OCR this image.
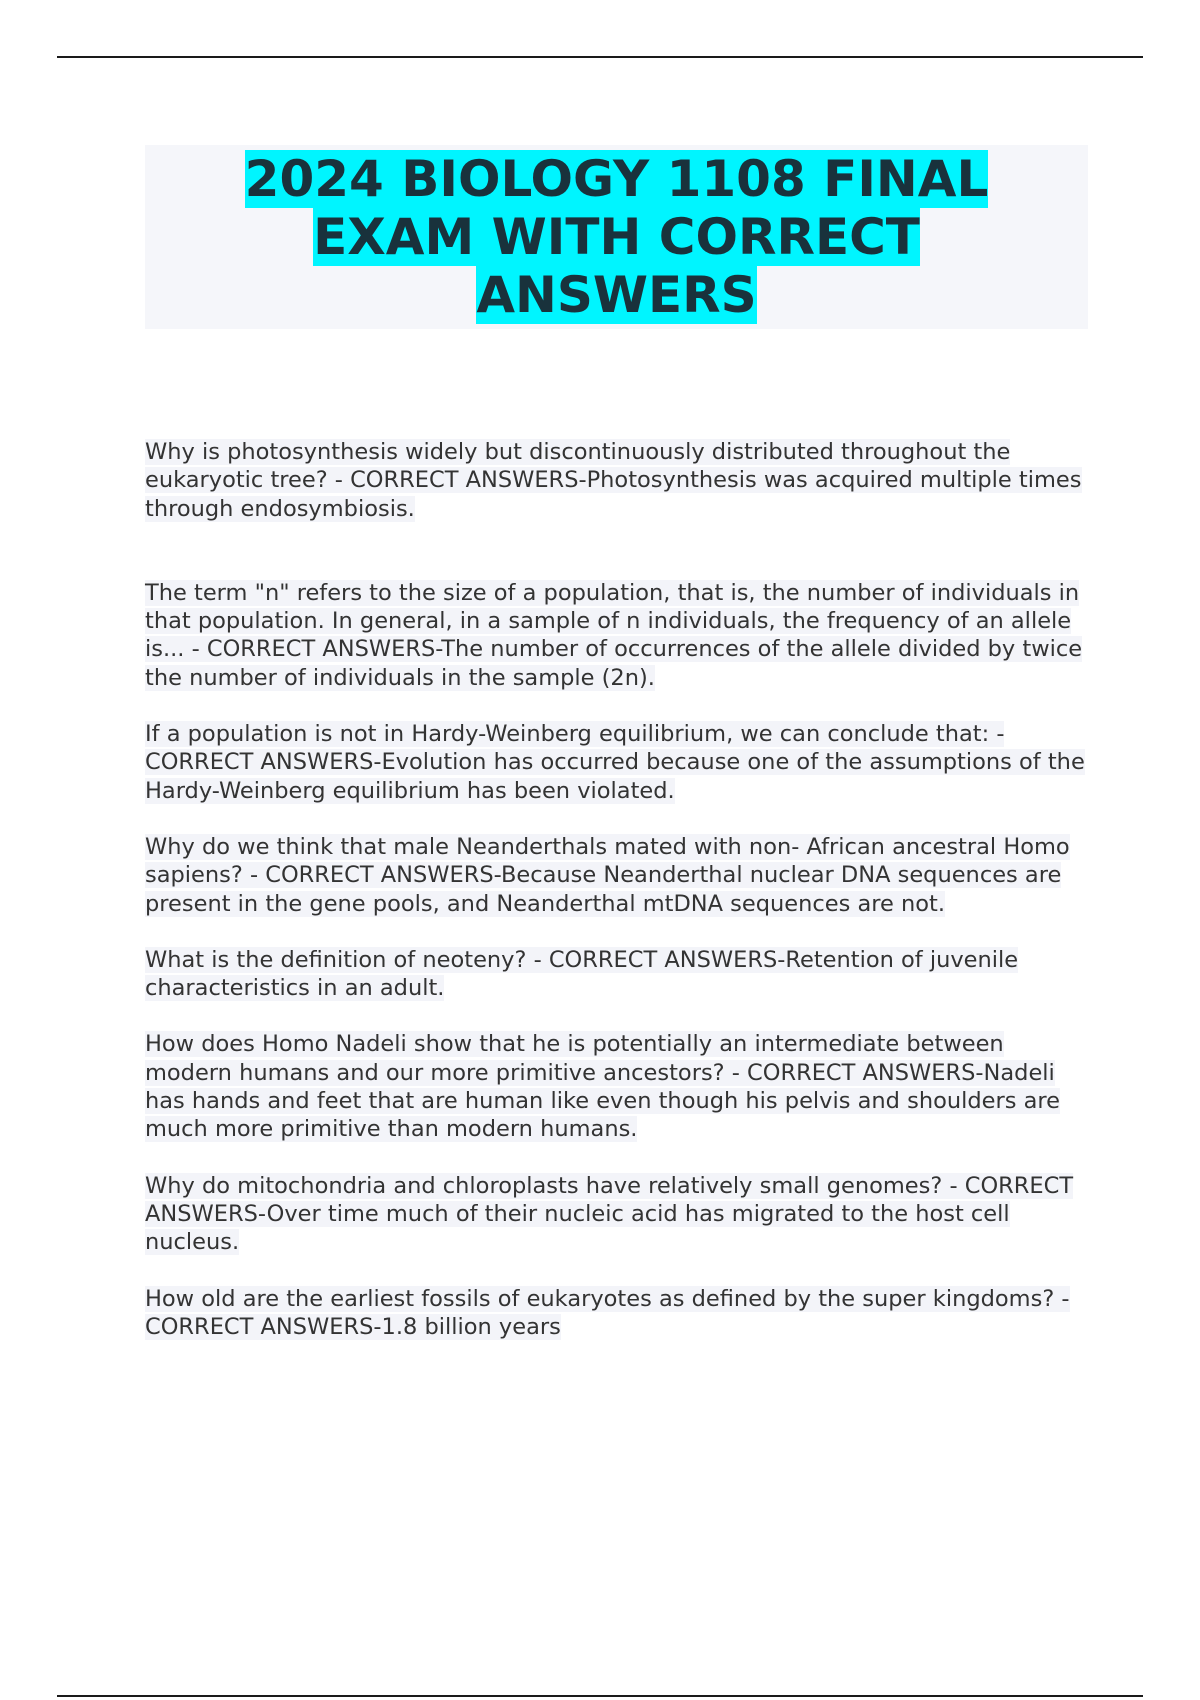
2024 BIOLOGY 1108 FINAL EXAM WITH CORRECT ANSWERS

Why is photosynthesis widely but discontinuously distributed throughout the eukaryotic tree? - CORRECT ANSWERS-Photosynthesis was acquired multiple times through endosymbiosis.

The term "n" refers to the size of a population, that is, the number of individuals in that population. In general, in a sample of n individuals, the frequency of an allele is... - CORRECT ANSWERS-The number of occurrences of the allele divided by twice the number of individuals in the sample (2n).

If a population is not in Hardy-Weinberg equilibrium, we can conclude that: - CORRECT ANSWERS-Evolution has occurred because one of the assumptions of the Hardy-Weinberg equilibrium has been violated.

Why do we think that male Neanderthals mated with non- African ancestral Homo sapiens? - CORRECT ANSWERS-Because Neanderthal nuclear DNA sequences are present in the gene pools, and Neanderthal mtDNA sequences are not.

What is the definition of neoteny? - CORRECT ANSWERS-Retention of juvenile characteristics in an adult.

How does Homo Nadeli show that he is potentially an intermediate between modern humans and our more primitive ancestors? - CORRECT ANSWERS-Nadeli has hands and feet that are human like even though his pelvis and shoulders are much more primitive than modern humans.

Why do mitochondria and chloroplasts have relatively small genomes? - CORRECT ANSWERS-Over time much of their nucleic acid has migrated to the host cell nucleus.

How old are the earliest fossils of eukaryotes as defined by the super kingdoms? - CORRECT ANSWERS-1.8 billion years
